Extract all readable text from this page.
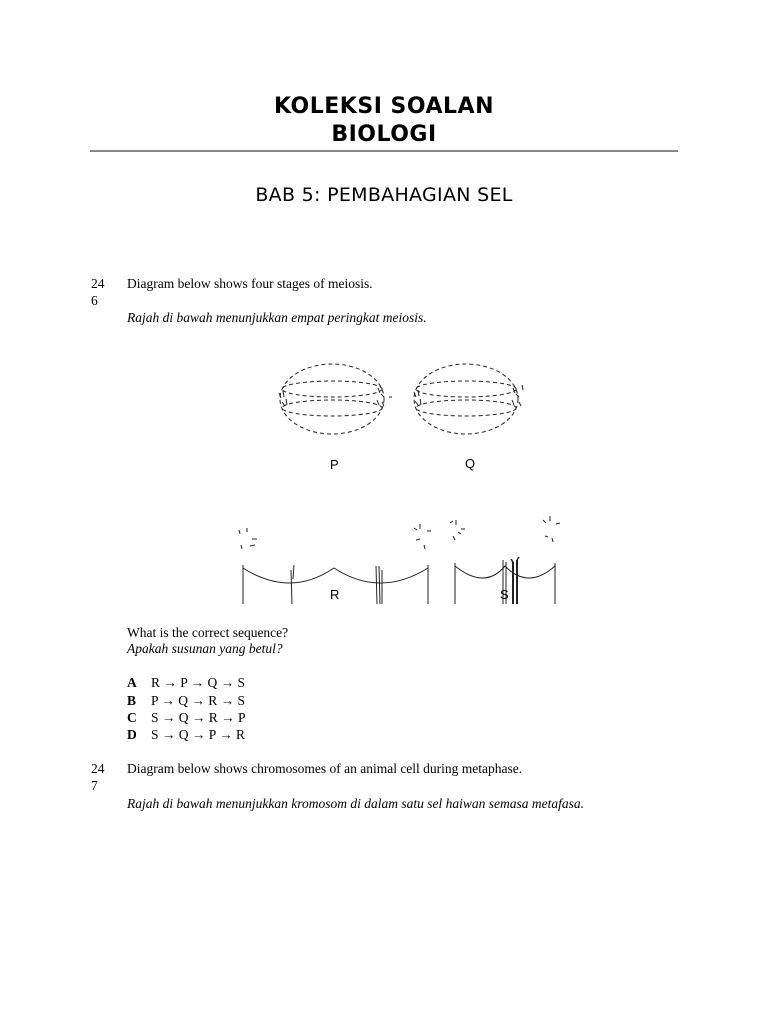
KOLEKSI SOALAN
BIOLOGI
BAB 5: PEMBAHAGIAN SEL
24
6
Diagram below shows four stages of meiosis.
Rajah di bawah menunjukkan empat peringkat meiosis.
P	Q
R	S
What is the correct sequence?
Apakah susunan yang betul?
A R → P → Q → S
B P → Q → R → S
C S → Q → R → P
D S → Q → P → R
24
7
Diagram below shows chromosomes of an animal cell during metaphase.
Rajah di bawah menunjukkan kromosom di dalam satu sel haiwan semasa metafasa.
